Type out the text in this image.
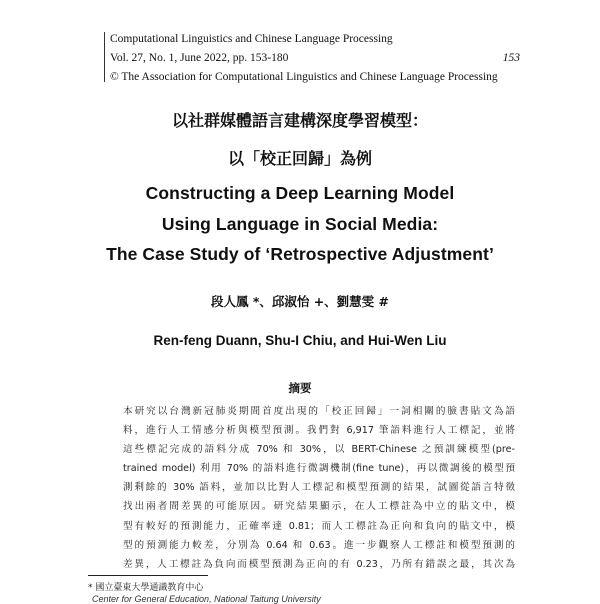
Computational Linguistics and Chinese Language Processing
Vol. 27, No. 1, June 2022, pp. 153-180	153
© The Association for Computational Linguistics and Chinese Language Processing
以社群媒體語言建構深度學習模型：
以「校正回歸」為例
Constructing a Deep Learning Model
Using Language in Social Media:
The Case Study of ‘Retrospective Adjustment’
段人鳳 *、邱淑怡 +、劉慧雯 #
Ren-feng Duann, Shu-I Chiu, and Hui-Wen Liu
摘要
本研究以台灣新冠肺炎期間首度出現的「校正回歸」一詞相關的臉書貼文為語
料，進行人工情感分析與模型預測。我們對 6,917 筆語料進行人工標記，並將
這些標記完成的語料分成 70% 和 30%，以 BERT-Chinese 之預訓練模型(pre-
trained model) 利用 70% 的語料進行微調機制(fine tune)，再以微調後的模型預
測剩餘的 30% 語料，並加以比對人工標記和模型預測的結果，試圖從語言特徵
找出兩者間差異的可能原因。研究結果顯示，在人工標註為中立的貼文中，模
型有較好的預測能力，正確率達 0.81；而人工標註為正向和負向的貼文中，模
型的預測能力較差，分別為 0.64 和 0.63。進一步觀察人工標註和模型預測的
差異，人工標註為負向而模型預測為正向的有 0.23，乃所有錯誤之最，其次為
* 國立臺東大學通識教育中心
Center for General Education, National Taitung University
